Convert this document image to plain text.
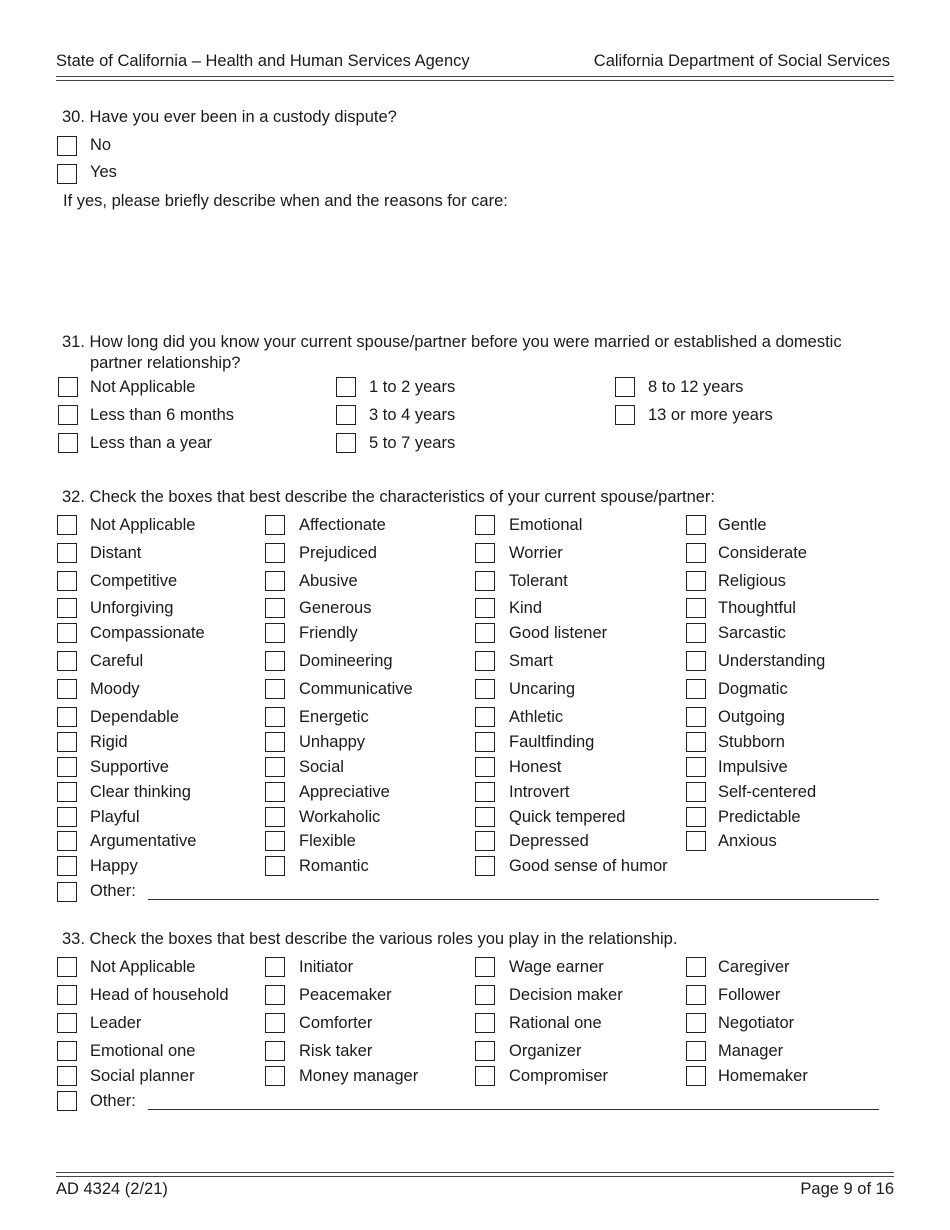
State of California – Health and Human Services Agency	California Department of Social Services
30. Have you ever been in a custody dispute?
No
Yes
If yes, please briefly describe when and the reasons for care:
31. How long did you know your current spouse/partner before you were married or established a domestic
partner relationship?
Not Applicable
Less than 6 months
Less than a year
1 to 2 years
3 to 4 years
5 to 7 years
8 to 12 years
13 or more years
32. Check the boxes that best describe the characteristics of your current spouse/partner:
Not Applicable
Distant
Competitive
Unforgiving
Compassionate
Careful
Moody
Dependable
Rigid
Supportive
Clear thinking
Playful
Argumentative
Happy
Affectionate
Prejudiced
Abusive
Generous
Friendly
Domineering
Communicative
Energetic
Unhappy
Social
Appreciative
Workaholic
Flexible
Romantic
Emotional
Worrier
Tolerant
Kind
Good listener
Smart
Uncaring
Athletic
Faultfinding
Honest
Introvert
Quick tempered
Depressed
Good sense of humor
Gentle
Considerate
Religious
Thoughtful
Sarcastic
Understanding
Dogmatic
Outgoing
Stubborn
Impulsive
Self-centered
Predictable
Anxious
Other:
33. Check the boxes that best describe the various roles you play in the relationship.
Not Applicable
Head of household
Leader
Emotional one
Social planner
Initiator
Peacemaker
Comforter
Risk taker
Money manager
Wage earner
Decision maker
Rational one
Organizer
Compromiser
Caregiver
Follower
Negotiator
Manager
Homemaker
Other:
AD 4324 (2/21)	Page 9 of 16
